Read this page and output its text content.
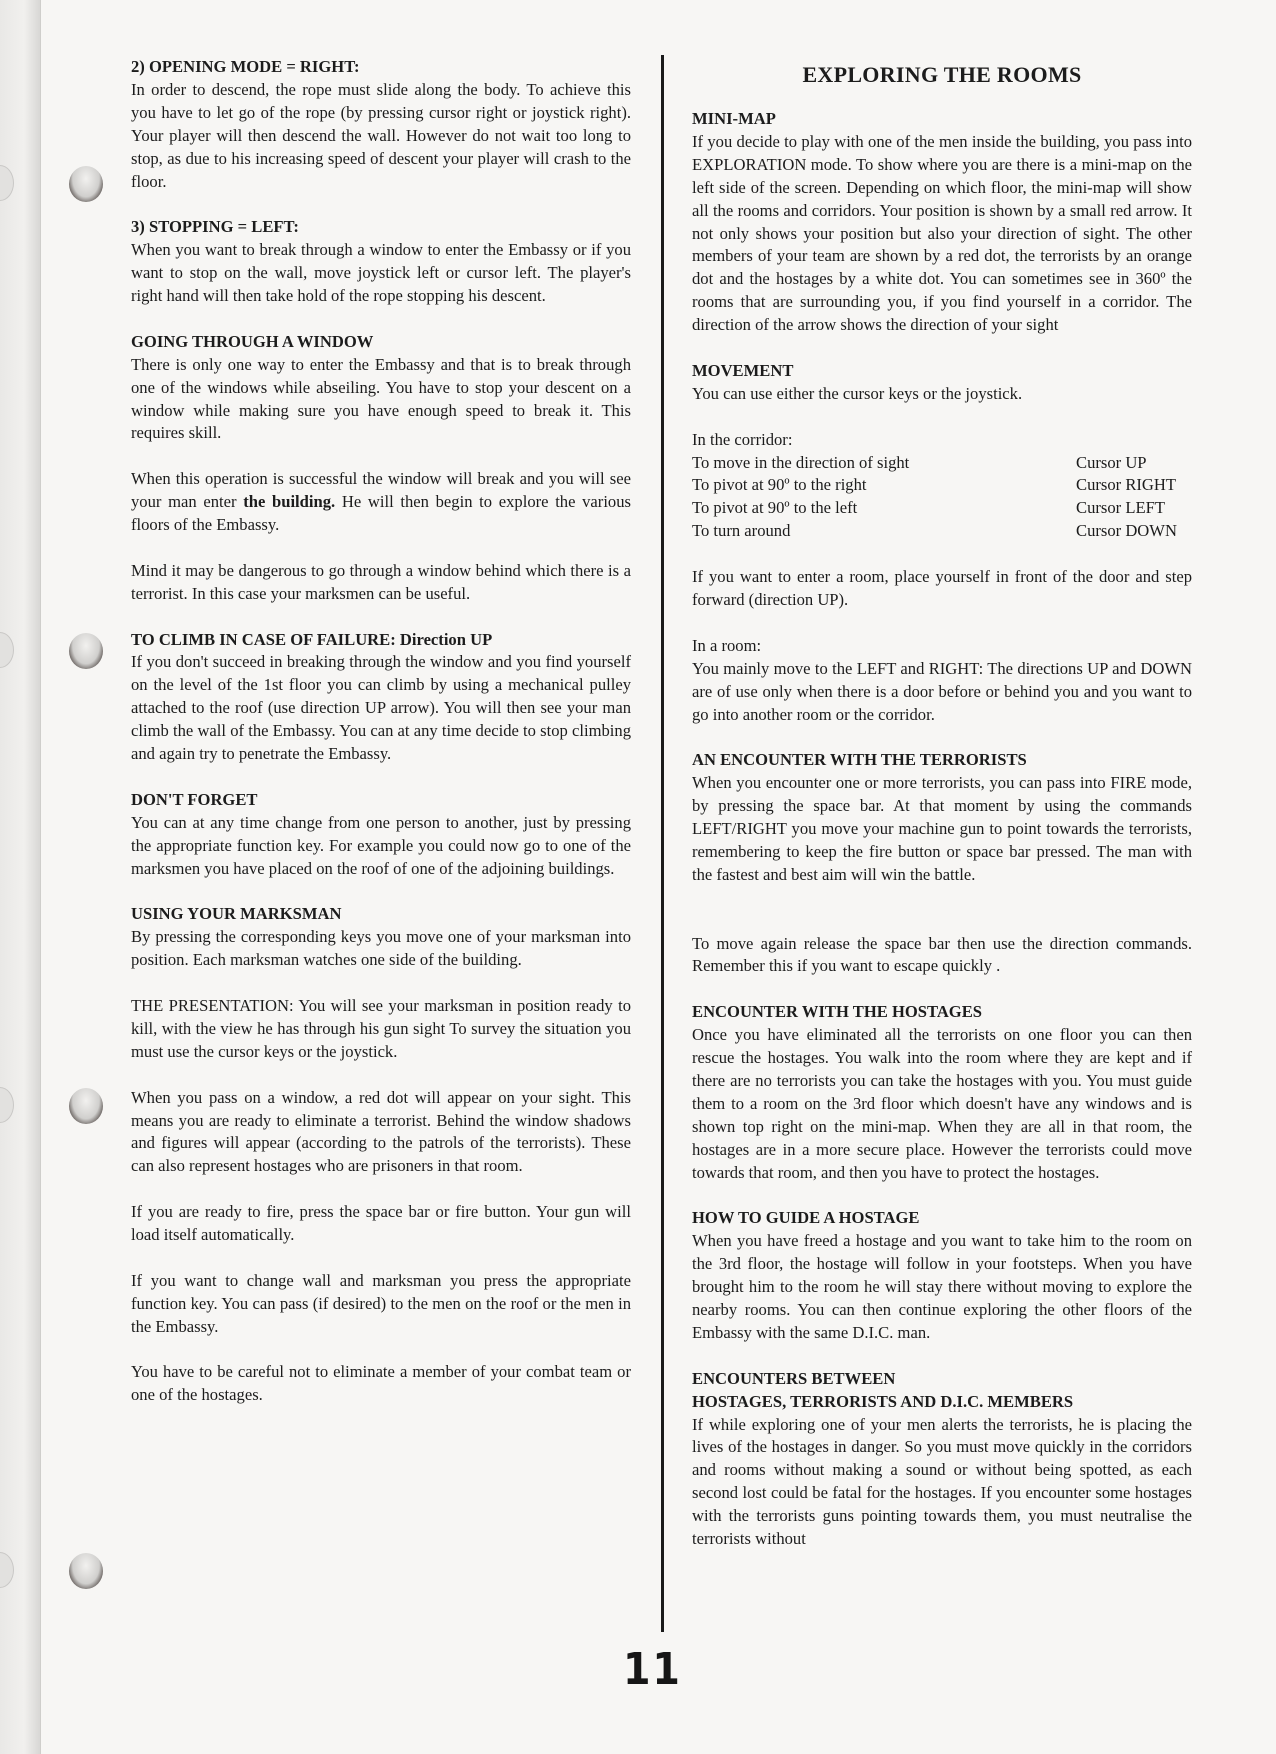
2) OPENING MODE = RIGHT:

In order to descend, the rope must slide along the body. To achieve this you have to let go of the rope (by pressing cursor right or joystick right). Your player will then descend the wall. However do not wait too long to stop, as due to his increasing speed of descent your player will crash to the floor.

3) STOPPING = LEFT:

When you want to break through a window to enter the Embassy or if you want to stop on the wall, move joystick left or cursor left. The player's right hand will then take hold of the rope stopping his descent.

GOING THROUGH A WINDOW

There is only one way to enter the Embassy and that is to break through one of the windows while abseiling. You have to stop your descent on a window while making sure you have enough speed to break it. This requires skill.

When this operation is successful the window will break and you will see your man enter the building. He will then begin to explore the various floors of the Embassy.

Mind it may be dangerous to go through a window behind which there is a terrorist. In this case your marksmen can be useful.

TO CLIMB IN CASE OF FAILURE: Direction UP

If you don't succeed in breaking through the window and you find yourself on the level of the 1st floor you can climb by using a mechanical pulley attached to the roof (use direction UP arrow). You will then see your man climb the wall of the Embassy. You can at any time decide to stop climbing and again try to penetrate the Embassy.

DON'T FORGET

You can at any time change from one person to another, just by pressing the appropriate function key. For example you could now go to one of the marksmen you have placed on the roof of one of the adjoining buildings.

USING YOUR MARKSMAN

By pressing the corresponding keys you move one of your marksman into position. Each marksman watches one side of the building.

THE PRESENTATION: You will see your marksman in position ready to kill, with the view he has through his gun sight To survey the situation you must use the cursor keys or the joystick.

When you pass on a window, a red dot will appear on your sight. This means you are ready to eliminate a terrorist. Behind the window shadows and figures will appear (according to the patrols of the terrorists). These can also represent hostages who are prisoners in that room.

If you are ready to fire, press the space bar or fire button. Your gun will load itself automatically.

If you want to change wall and marksman you press the appropriate function key. You can pass (if desired) to the men on the roof or the men in the Embassy.

You have to be careful not to eliminate a member of your combat team or one of the hostages.

EXPLORING THE ROOMS
MINI-MAP

If you decide to play with one of the men inside the building, you pass into EXPLORATION mode. To show where you are there is a mini-map on the left side of the screen. Depending on which floor, the mini-map will show all the rooms and corridors. Your position is shown by a small red arrow. It not only shows your position but also your direction of sight. The other members of your team are shown by a red dot, the terrorists by an orange dot and the hostages by a white dot. You can sometimes see in 360º the rooms that are surrounding you, if you find yourself in a corridor. The direction of the arrow shows the direction of your sight

MOVEMENT

You can use either the cursor keys or the joystick.

In the corridor:
To move in the direction of sight	Cursor UP
To pivot at 90º to the right	Cursor RIGHT
To pivot at 90º to the left	Cursor LEFT
To turn around	Cursor DOWN

If you want to enter a room, place yourself in front of the door and step forward (direction UP).

In a room:

You mainly move to the LEFT and RIGHT: The directions UP and DOWN are of use only when there is a door before or behind you and you want to go into another room or the corridor.

AN ENCOUNTER WITH THE TERRORISTS

When you encounter one or more terrorists, you can pass into FIRE mode, by pressing the space bar. At that moment by using the commands LEFT/RIGHT you move your machine gun to point towards the terrorists, remembering to keep the fire button or space bar pressed. The man with the fastest and best aim will win the battle.

To move again release the space bar then use the direction commands. Remember this if you want to escape quickly .

ENCOUNTER WITH THE HOSTAGES

Once you have eliminated all the terrorists on one floor you can then rescue the hostages. You walk into the room where they are kept and if there are no terrorists you can take the hostages with you. You must guide them to a room on the 3rd floor which doesn't have any windows and is shown top right on the mini-map. When they are all in that room, the hostages are in a more secure place. However the terrorists could move towards that room, and then you have to protect the hostages.

HOW TO GUIDE A HOSTAGE

When you have freed a hostage and you want to take him to the room on the 3rd floor, the hostage will follow in your footsteps. When you have brought him to the room he will stay there without moving to explore the nearby rooms. You can then continue exploring the other floors of the Embassy with the same D.I.C. man.

ENCOUNTERS BETWEEN
HOSTAGES, TERRORISTS AND D.I.C. MEMBERS

If while exploring one of your men alerts the terrorists, he is placing the lives of the hostages in danger. So you must move quickly in the corridors and rooms without making a sound or without being spotted, as each second lost could be fatal for the hostages. If you encounter some hostages with the terrorists guns pointing towards them, you must neutralise the terrorists without

11
